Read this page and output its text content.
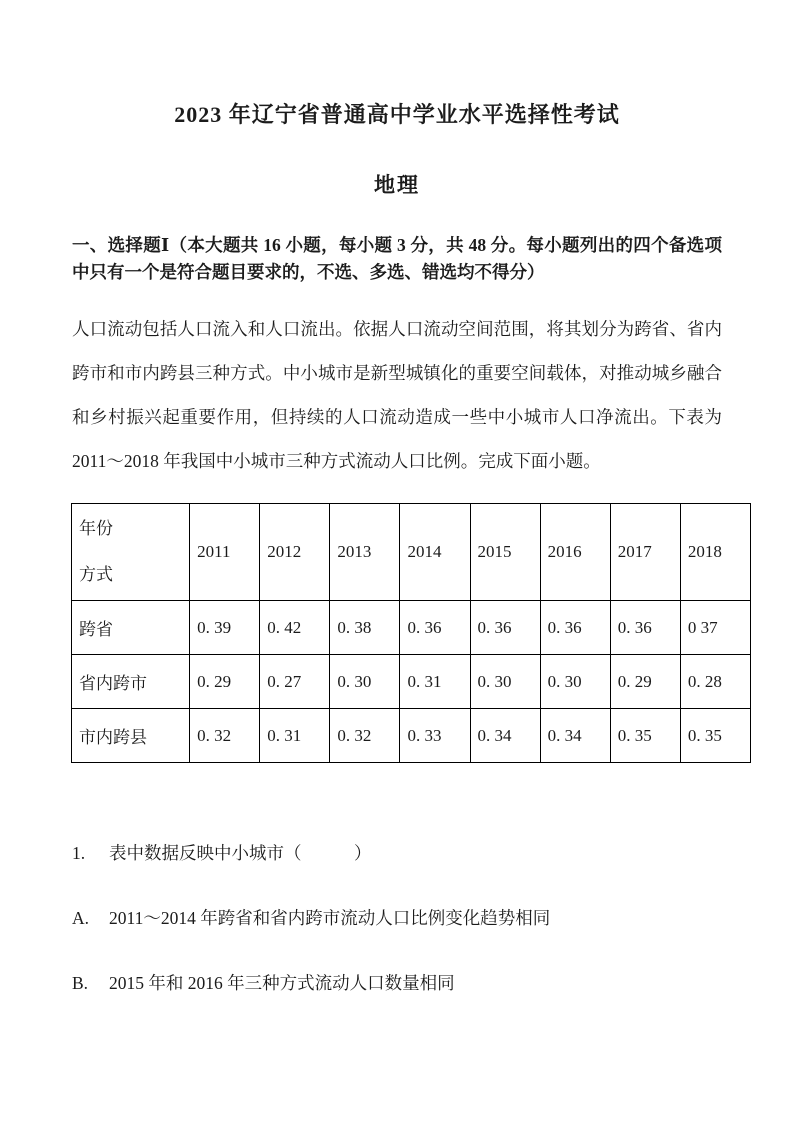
2023 年辽宁省普通高中学业水平选择性考试
地理

一、选择题Ⅰ（本大题共 16 小题，每小题 3 分，共 48 分。每小题列出的四个备选项中只有一个是符合题目要求的，不选、多选、错选均不得分）

人口流动包括人口流入和人口流出。依据人口流动空间范围，将其划分为跨省、省内跨市和市内跨县三种方式。中小城市是新型城镇化的重要空间载体，对推动城乡融合和乡村振兴起重要作用，但持续的人口流动造成一些中小城市人口净流出。下表为2011～2018 年我国中小城市三种方式流动人口比例。完成下面小题。

年份
方式	2011	2012	2013	2014	2015	2016	2017	2018
跨省	0. 39	0. 42	0. 38	0. 36	0. 36	0. 36	0. 36	0 37
省内跨市	0. 29	0. 27	0. 30	0. 31	0. 30	0. 30	0. 29	0. 28
市内跨县	0. 32	0. 31	0. 32	0. 33	0. 34	0. 34	0. 35	0. 35
1.	表中数据反映中小城市（　　　）
A.	2011～2014 年跨省和省内跨市流动人口比例变化趋势相同
B.	2015 年和 2016 年三种方式流动人口数量相同
